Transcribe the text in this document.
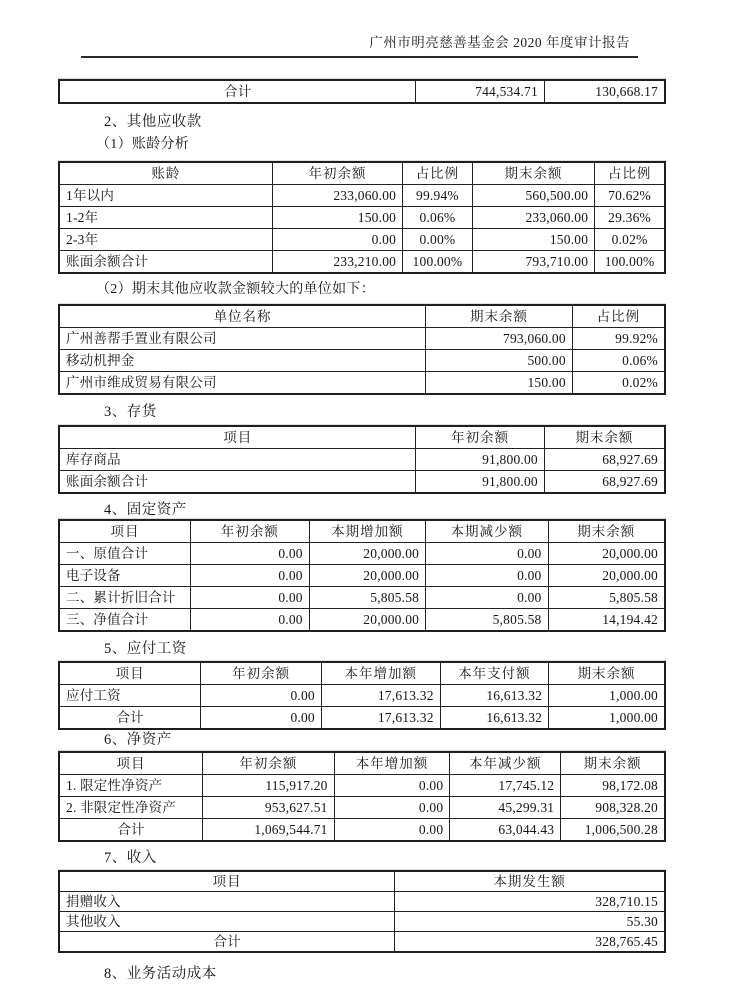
广州市明亮慈善基金会 2020 年度审计报告
合计	744,534.71	130,668.17
2、其他应收款
（1）账龄分析
账龄	年初余额	占比例	期末余额	占比例
1年以内	233,060.00	99.94%	560,500.00	70.62%
1-2年	150.00	0.06%	233,060.00	29.36%
2-3年	0.00	0.00%	150.00	0.02%
账面余额合计	233,210.00	100.00%	793,710.00	100.00%
（2）期末其他应收款金额较大的单位如下：
单位名称	期末余额	占比例
广州善帮手置业有限公司	793,060.00	99.92%
移动机押金	500.00	0.06%
广州市维成贸易有限公司	150.00	0.02%
3、存货
项目	年初余额	期末余额
库存商品	91,800.00	68,927.69
账面余额合计	91,800.00	68,927.69
4、固定资产
项目	年初余额	本期增加额	本期减少额	期末余额
一、原值合计	0.00	20,000.00	0.00	20,000.00
电子设备	0.00	20,000.00	0.00	20,000.00
二、累计折旧合计	0.00	5,805.58	0.00	5,805.58
三、净值合计	0.00	20,000.00	5,805.58	14,194.42
5、应付工资
项目	年初余额	本年增加额	本年支付额	期末余额
应付工资	0.00	17,613.32	16,613.32	1,000.00
合计	0.00	17,613.32	16,613.32	1,000.00
6、净资产
项目	年初余额	本年增加额	本年减少额	期末余额
1. 限定性净资产	115,917.20	0.00	17,745.12	98,172.08
2. 非限定性净资产	953,627.51	0.00	45,299.31	908,328.20
合计	1,069,544.71	0.00	63,044.43	1,006,500.28
7、收入
项目	本期发生额
捐赠收入	328,710.15
其他收入	55.30
合计	328,765.45
8、业务活动成本
